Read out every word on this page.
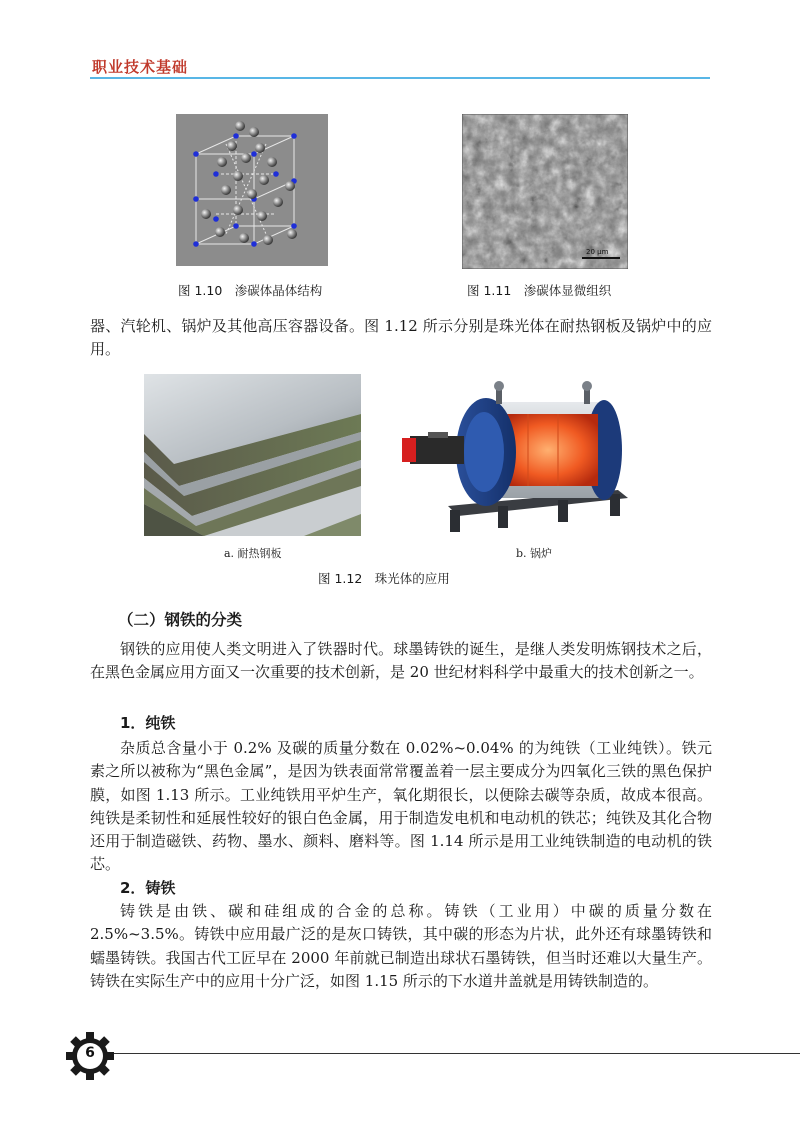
职业技术基础
图 1.10　渗碳体晶体结构
20 μm
图 1.11　渗碳体显微组织

器、汽轮机、锅炉及其他高压容器设备。图 1.12 所示分别是珠光体在耐热钢板及锅炉中的应用。

a. 耐热钢板	b. 锅炉
图 1.12　珠光体的应用
（二）钢铁的分类

钢铁的应用使人类文明进入了铁器时代。球墨铸铁的诞生，是继人类发明炼钢技术之后，在黑色金属应用方面又一次重要的技术创新，是 20 世纪材料科学中最重大的技术创新之一。

1．纯铁

杂质总含量小于 0.2% 及碳的质量分数在 0.02%~0.04% 的为纯铁（工业纯铁）。铁元素之所以被称为“黑色金属”，是因为铁表面常常覆盖着一层主要成分为四氧化三铁的黑色保护膜，如图 1.13 所示。工业纯铁用平炉生产，氧化期很长，以便除去碳等杂质，故成本很高。纯铁是柔韧性和延展性较好的银白色金属，用于制造发电机和电动机的铁芯；纯铁及其化合物还用于制造磁铁、药物、墨水、颜料、磨料等。图 1.14 所示是用工业纯铁制造的电动机的铁芯。

2．铸铁

铸铁是由铁、碳和硅组成的合金的总称。铸铁（工业用）中碳的质量分数在 2.5%~3.5%。铸铁中应用最广泛的是灰口铸铁，其中碳的形态为片状，此外还有球墨铸铁和蠕墨铸铁。我国古代工匠早在 2000 年前就已制造出球状石墨铸铁，但当时还难以大量生产。铸铁在实际生产中的应用十分广泛，如图 1.15 所示的下水道井盖就是用铸铁制造的。

6
